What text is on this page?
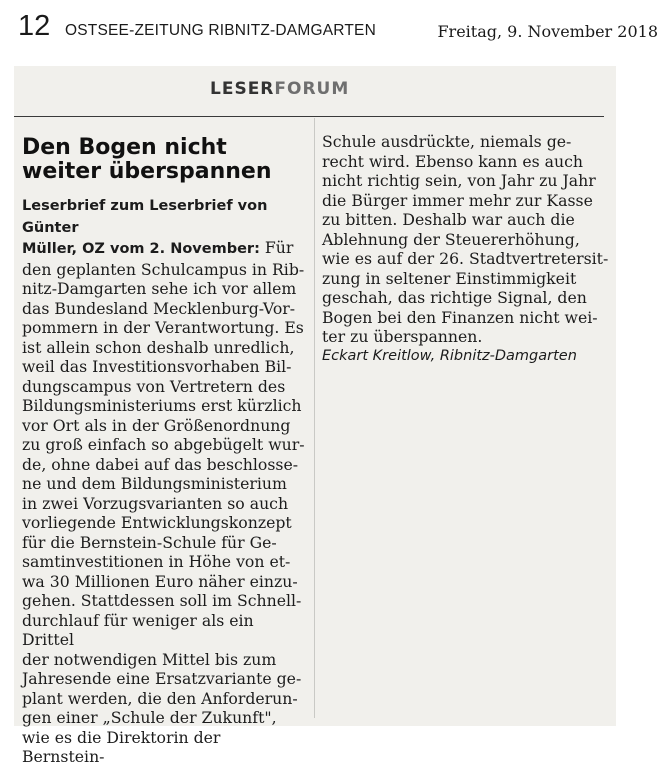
12 OSTSEE-ZEITUNG RIBNITZ-DAMGARTEN	Freitag, 9. November 2018
LESERFORUM
Den Bogen nicht
weiter überspannen

Leserbrief zum Leserbrief von Günter
Müller, OZ vom 2. November: Für
den geplanten Schulcampus in Rib-
nitz-Damgarten sehe ich vor allem
das Bundesland Mecklenburg-Vor-
pommern in der Verantwortung. Es
ist allein schon deshalb unredlich,
weil das Investitionsvorhaben Bil-
dungscampus von Vertretern des
Bildungsministeriums erst kürzlich
vor Ort als in der Größenordnung
zu groß einfach so abgebügelt wur-
de, ohne dabei auf das beschlosse-
ne und dem Bildungsministerium
in zwei Vorzugsvarianten so auch
vorliegende Entwicklungskonzept
für die Bernstein-Schule für Ge-
samtinvestitionen in Höhe von et-
wa 30 Millionen Euro näher einzu-
gehen. Stattdessen soll im Schnell-
durchlauf für weniger als ein Drittel
der notwendigen Mittel bis zum
Jahresende eine Ersatzvariante ge-
plant werden, die den Anforderun-
gen einer „Schule der Zukunft",
wie es die Direktorin der Bernstein-

Schule ausdrückte, niemals ge-
recht wird. Ebenso kann es auch
nicht richtig sein, von Jahr zu Jahr
die Bürger immer mehr zur Kasse
zu bitten. Deshalb war auch die
Ablehnung der Steuererhöhung,
wie es auf der 26. Stadtvertretersit-
zung in seltener Einstimmigkeit
geschah, das richtige Signal, den
Bogen bei den Finanzen nicht wei-
ter zu überspannen.

Eckart Kreitlow, Ribnitz-Damgarten
